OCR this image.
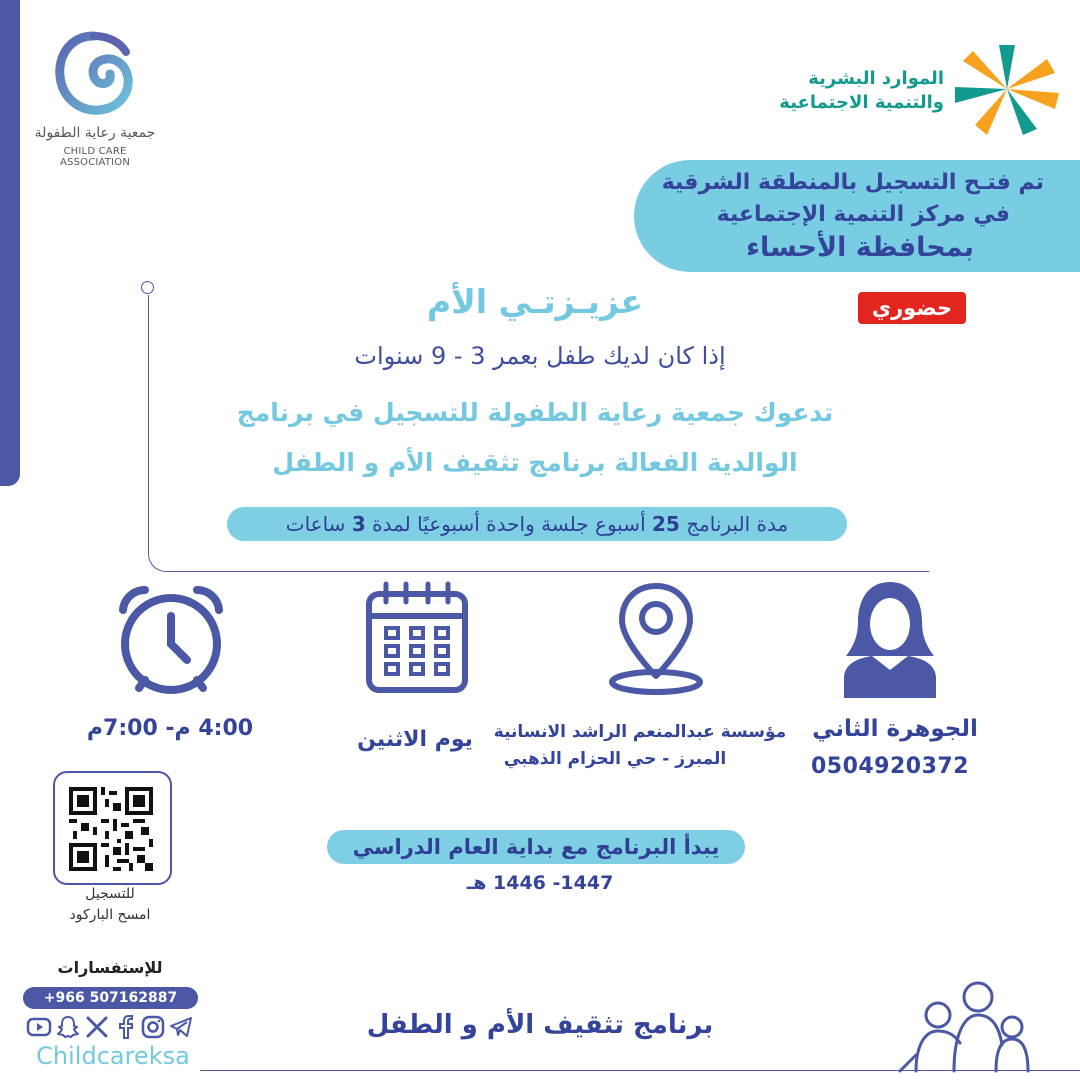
جمعية رعاية الطفولة
CHILD CARE ASSOCIATION
الموارد البشرية
والتنمية الاجتماعية
تم فتـح التسجيل بالمنطقة الشرقية
في مركز التنمية الإجتماعية
بمحافظة الأحساء
حضوري
عزيـزتـي الأم
إذا كان لديك طفل بعمر 3 - 9 سنوات
تدعوك جمعية رعاية الطفولة للتسجيل في برنامج
الوالدية الفعالة برنامج تثقيف الأم و الطفل
مدة البرنامج 25 أسبوع جلسة واحدة أسبوعيًا لمدة 3 ساعات
4:00 م- 7:00م	يوم الاثنين	مؤسسة عبدالمنعم الراشد الانسانية
المبرز - حي الحزام الذهبي
الجوهرة الثاني
0504920372
للتسجيل
امسح الباركود
يبدأ البرنامج مع بداية العام الدراسي
1447- 1446 هـ
للإستفسارات
+966 507162887
Childcareksa
برنامج تثقيف الأم و الطفل
